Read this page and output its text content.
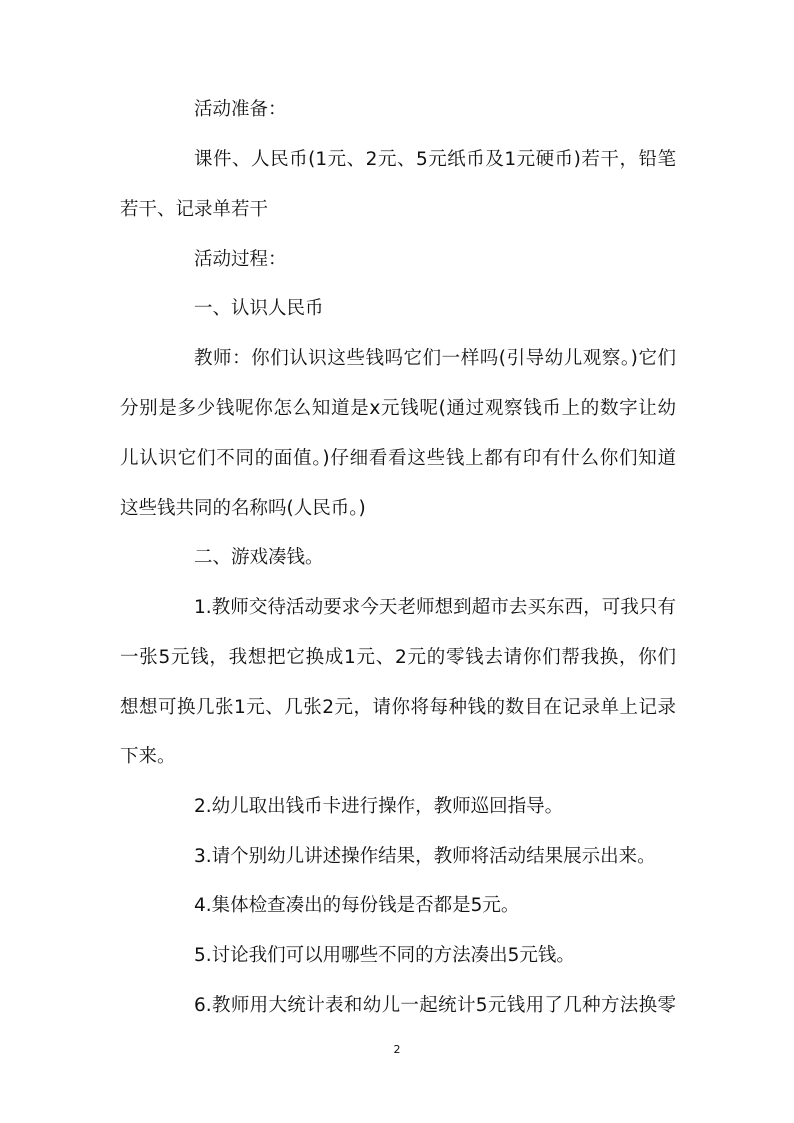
活动准备：
课件、人民币(1元、2元、5元纸币及1元硬币)若干，铅笔
若干、记录单若干
活动过程：
一、认识人民币
教师：你们认识这些钱吗它们一样吗(引导幼儿观察。)它们
分别是多少钱呢你怎么知道是x元钱呢(通过观察钱币上的数字让幼
儿认识它们不同的面值。)仔细看看这些钱上都有印有什么你们知道
这些钱共同的名称吗(人民币。)
二、游戏凑钱。
1.教师交待活动要求今天老师想到超市去买东西，可我只有
一张5元钱，我想把它换成1元、2元的零钱去请你们帮我换，你们
想想可换几张1元、几张2元，请你将每种钱的数目在记录单上记录
下来。
2.幼儿取出钱币卡进行操作，教师巡回指导。
3.请个别幼儿讲述操作结果，教师将活动结果展示出来。
4.集体检查凑出的每份钱是否都是5元。
5.讨论我们可以用哪些不同的方法凑出5元钱。
6.教师用大统计表和幼儿一起统计5元钱用了几种方法换零
2
